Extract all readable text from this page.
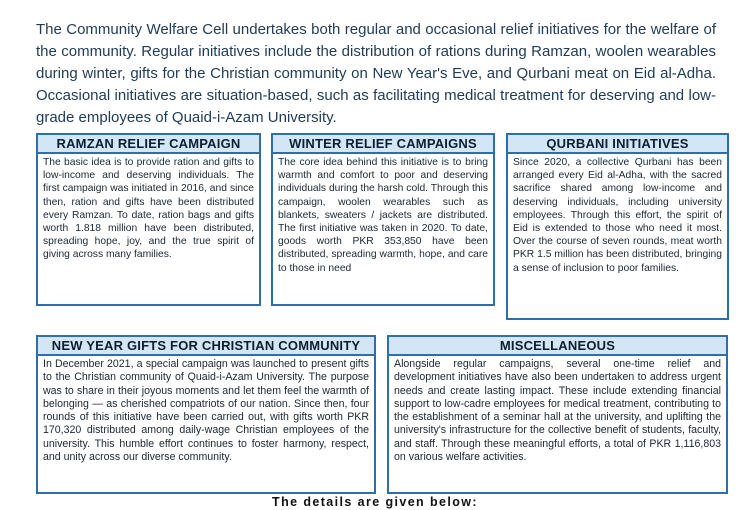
The Community Welfare Cell undertakes both regular and occasional relief initiatives for the welfare of the community. Regular initiatives include the distribution of rations during Ramzan, woolen wearables during winter, gifts for the Christian community on New Year's Eve, and Qurbani meat on Eid al-Adha. Occasional initiatives are situation-based, such as facilitating medical treatment for deserving and low-grade employees of Quaid-i-Azam University.

RAMZAN RELIEF CAMPAIGN
The basic idea is to provide ration and gifts to low-income and deserving individuals. The first campaign was initiated in 2016, and since then, ration and gifts have been distributed every Ramzan. To date, ration bags and gifts worth 1.818 million have been distributed, spreading hope, joy, and the true spirit of giving across many families.
WINTER RELIEF CAMPAIGNS
The core idea behind this initiative is to bring warmth and comfort to poor and deserving individuals during the harsh cold. Through this campaign, woolen wearables such as blankets, sweaters / jackets are distributed. The first initiative was taken in 2020. To date, goods worth PKR 353,850 have been distributed, spreading warmth, hope, and care to those in need
QURBANI INITIATIVES
Since 2020, a collective Qurbani has been arranged every Eid al-Adha, with the sacred sacrifice shared among low-income and deserving individuals, including university employees. Through this effort, the spirit of Eid is extended to those who need it most. Over the course of seven rounds, meat worth PKR 1.5 million has been distributed, bringing a sense of inclusion to poor families.
NEW YEAR GIFTS FOR CHRISTIAN COMMUNITY
In December 2021, a special campaign was launched to present gifts to the Christian community of Quaid-i-Azam University. The purpose was to share in their joyous moments and let them feel the warmth of belonging — as cherished compatriots of our nation. Since then, four rounds of this initiative have been carried out, with gifts worth PKR 170,320 distributed among daily-wage Christian employees of the university. This humble effort continues to foster harmony, respect, and unity across our diverse community.
MISCELLANEOUS
Alongside regular campaigns, several one-time relief and development initiatives have also been undertaken to address urgent needs and create lasting impact. These include extending financial support to low-cadre employees for medical treatment, contributing to the establishment of a seminar hall at the university, and uplifting the university's infrastructure for the collective benefit of students, faculty, and staff. Through these meaningful efforts, a total of PKR 1,116,803 on various welfare activities.
The details are given below:
